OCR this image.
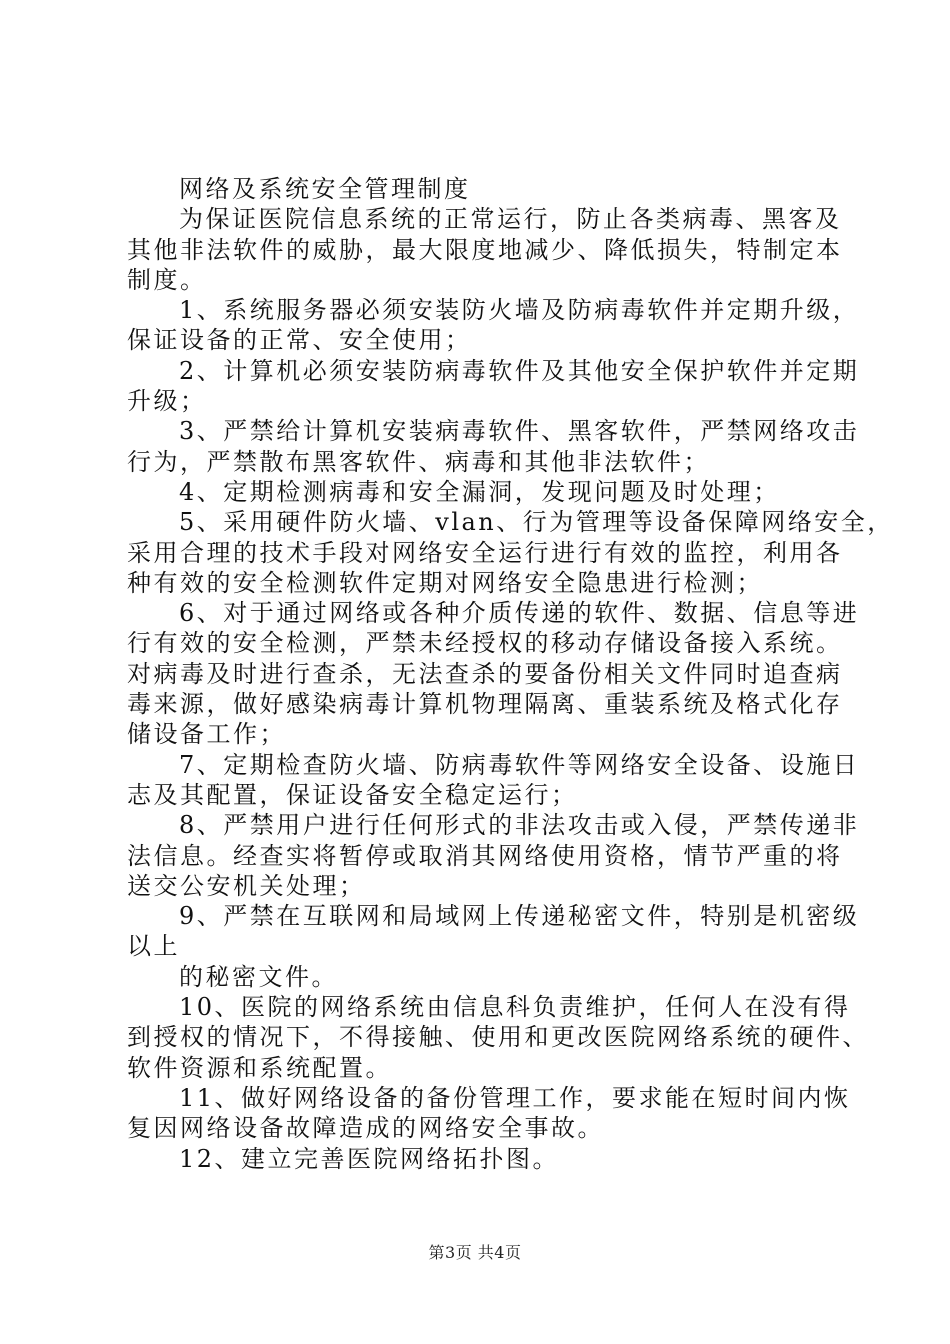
网络及系统安全管理制度

为保证医院信息系统的正常运行，防止各类病毒、黑客及

其他非法软件的威胁，最大限度地减少、降低损失，特制定本

制度。

1、系统服务器必须安装防火墙及防病毒软件并定期升级，

保证设备的正常、安全使用；

2、计算机必须安装防病毒软件及其他安全保护软件并定期

升级；

3、严禁给计算机安装病毒软件、黑客软件，严禁网络攻击

行为，严禁散布黑客软件、病毒和其他非法软件；

4、定期检测病毒和安全漏洞，发现问题及时处理；

5、采用硬件防火墙、vlan、行为管理等设备保障网络安全，

采用合理的技术手段对网络安全运行进行有效的监控，利用各

种有效的安全检测软件定期对网络安全隐患进行检测；

6、对于通过网络或各种介质传递的软件、数据、信息等进

行有效的安全检测，严禁未经授权的移动存储设备接入系统。

对病毒及时进行查杀，无法查杀的要备份相关文件同时追查病

毒来源，做好感染病毒计算机物理隔离、重装系统及格式化存

储设备工作；

7、定期检查防火墙、防病毒软件等网络安全设备、设施日

志及其配置，保证设备安全稳定运行；

8、严禁用户进行任何形式的非法攻击或入侵，严禁传递非

法信息。经查实将暂停或取消其网络使用资格，情节严重的将

送交公安机关处理；

9、严禁在互联网和局域网上传递秘密文件，特别是机密级

以上

的秘密文件。

10、医院的网络系统由信息科负责维护，任何人在没有得

到授权的情况下，不得接触、使用和更改医院网络系统的硬件、

软件资源和系统配置。

11、做好网络设备的备份管理工作，要求能在短时间内恢

复因网络设备故障造成的网络安全事故。

12、建立完善医院网络拓扑图。

第3页 共4页
